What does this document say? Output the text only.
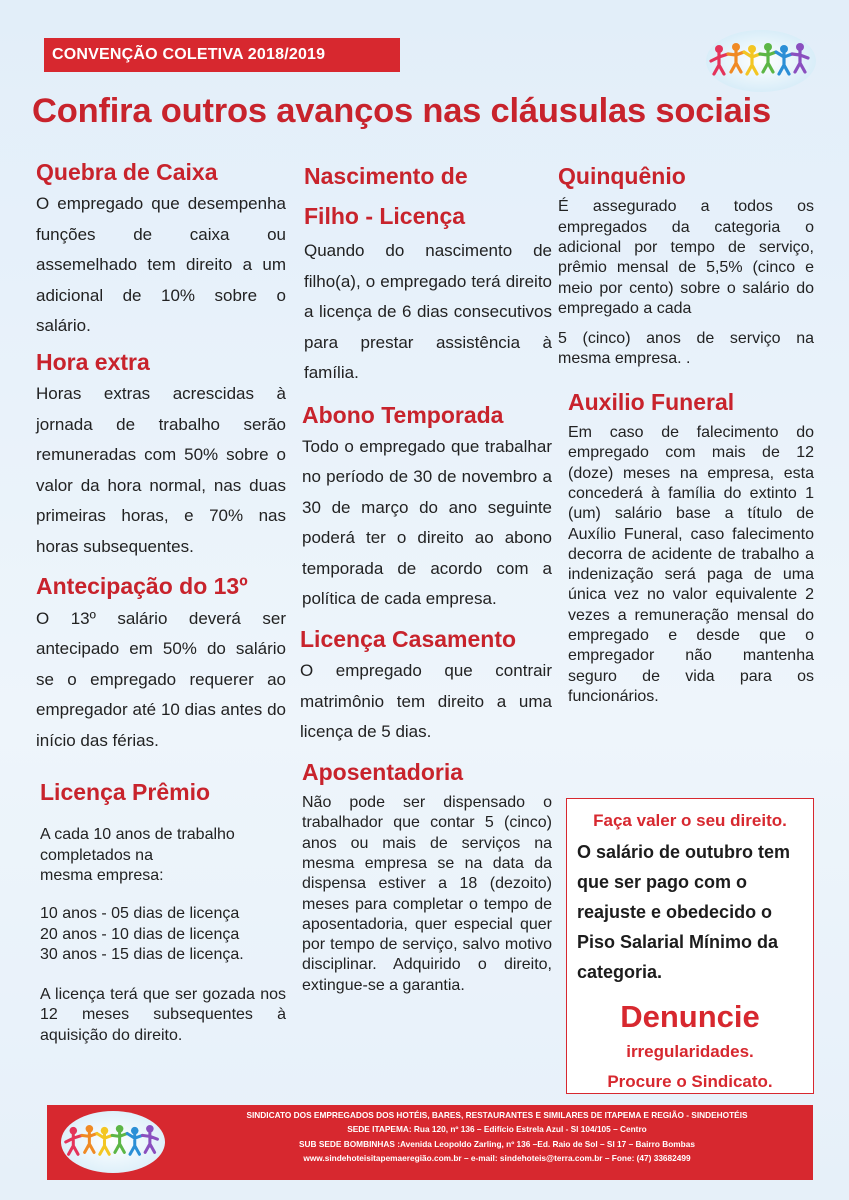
CONVENÇÃO COLETIVA 2018/2019
Confira outros avanços nas cláusulas sociais
Quebra de Caixa

O empregado que desempenha funções de caixa ou assemelhado tem direito a um adicional de 10% sobre o salário.

Hora extra

Horas extras acrescidas à jornada de trabalho serão remuneradas com 50% sobre o valor da hora normal, nas duas primeiras horas, e 70% nas horas subsequentes.

Antecipação do 13º

O 13º salário deverá ser antecipado em 50% do salário se o empregado requerer ao empregador até 10 dias antes do início das férias.

Licença Prêmio

A cada 10 anos de trabalho completados na
mesma empresa:

10 anos - 05 dias de licença
20 anos - 10 dias de licença
30 anos - 15 dias de licença.

A licença terá que ser gozada nos 12 meses subsequentes à aquisição do direito.

Nascimento de Filho - Licença

Quando do nascimento de filho(a), o empregado terá direito a licença de 6 dias consecutivos para prestar assistência à família.

Abono Temporada

Todo o empregado que trabalhar no período de 30 de novembro a 30 de março do ano seguinte poderá ter o direito ao abono temporada de acordo com a política de cada empresa.

Licença Casamento

O empregado que contrair matrimônio tem direito a uma licença de 5 dias.

Aposentadoria

Não pode ser dispensado o trabalhador que contar 5 (cinco) anos ou mais de serviços na mesma empresa se na data da dispensa estiver a 18 (dezoito) meses para completar o tempo de aposentadoria, quer especial quer por tempo de serviço, salvo motivo disciplinar. Adquirido o direito, extingue-se a garantia.

Quinquênio

É assegurado a todos os empregados da categoria o adicional por tempo de serviço, prêmio mensal de 5,5% (cinco e meio por cento) sobre o salário do empregado a cada

5 (cinco) anos de serviço na mesma empresa. .

Auxilio Funeral

Em caso de falecimento do empregado com mais de 12 (doze) meses na empresa, esta concederá à família do extinto 1 (um) salário base a título de Auxílio Funeral, caso falecimento decorra de acidente de trabalho a indenização será paga de uma única vez no valor equivalente 2 vezes a remuneração mensal do empregado e desde que o empregador não mantenha seguro de vida para os funcionários.

Faça valer o seu direito.
O salário de outubro tem que ser pago com o reajuste e obedecido o Piso Salarial Mínimo da categoria.
Denuncie
irregularidades.
Procure o Sindicato.
SINDICATO DOS EMPREGADOS DOS HOTÉIS, BARES, RESTAURANTES E SIMILARES DE ITAPEMA E REGIÃO - SINDEHOTÉIS
SEDE ITAPEMA: Rua 120, nº 136 – Edifício Estrela Azul - Sl 104/105 – Centro
SUB SEDE BOMBINHAS :Avenida Leopoldo Zarling, nº 136 –Ed. Raio de Sol – Sl 17 – Bairro Bombas
www.sindehoteisitapemaeregião.com.br – e-mail: sindehoteis@terra.com.br – Fone: (47) 33682499
